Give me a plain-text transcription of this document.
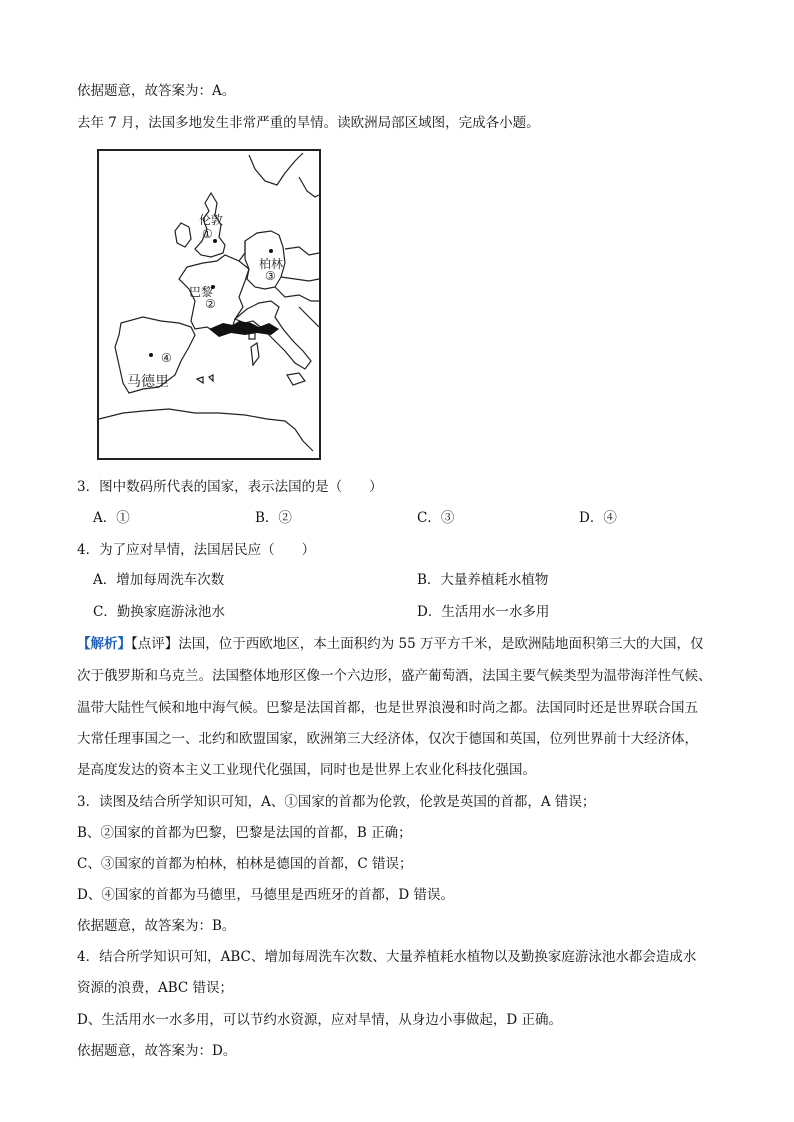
依据题意，故答案为：A。
去年 7 月，法国多地发生非常严重的旱情。读欧洲局部区域图，完成各小题。
伦敦
①
柏林
③
巴黎
②
④
马德里
3．图中数码所代表的国家，表示法国的是（　　）
A．①	B．②	C．③	D．④
4．为了应对旱情，法国居民应（　　）
A．增加每周洗车次数	B．大量养植耗水植物
C．勤换家庭游泳池水	D．生活用水一水多用
【解析】【点评】法国，位于西欧地区，本土面积约为 55 万平方千米，是欧洲陆地面积第三大的大国，仅
次于俄罗斯和乌克兰。法国整体地形区像一个六边形，盛产葡萄酒，法国主要气候类型为温带海洋性气候、
温带大陆性气候和地中海气候。巴黎是法国首都，也是世界浪漫和时尚之都。法国同时还是世界联合国五
大常任理事国之一、北约和欧盟国家，欧洲第三大经济体，仅次于德国和英国，位列世界前十大经济体，
是高度发达的资本主义工业现代化强国，同时也是世界上农业化科技化强国。
3．读图及结合所学知识可知，A、①国家的首都为伦敦，伦敦是英国的首都，A 错误；
B、②国家的首都为巴黎，巴黎是法国的首都，B 正确；
C、③国家的首都为柏林，柏林是德国的首都，C 错误；
D、④国家的首都为马德里，马德里是西班牙的首都，D 错误。
依据题意，故答案为：B。
4．结合所学知识可知，ABC、增加每周洗车次数、大量养植耗水植物以及勤换家庭游泳池水都会造成水
资源的浪费，ABC 错误；
D、生活用水一水多用，可以节约水资源，应对旱情，从身边小事做起，D 正确。
依据题意，故答案为：D。
